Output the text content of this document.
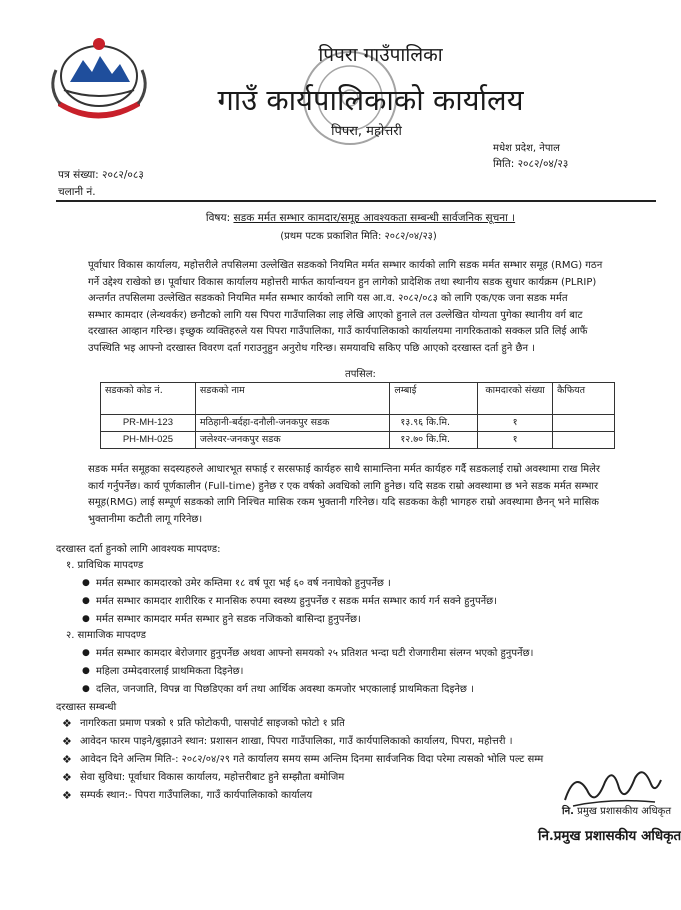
पिपरा गाउँपालिका
गाउँ कार्यपालिकाको कार्यालय
पिपरा, महोत्तरी
मधेश प्रदेश, नेपाल
पत्र संख्या: २०८२/०८३
चलानी नं.
मिति: २०८२/०४/२३
विषय: सडक मर्मत सम्भार कामदार/समूह आवश्यकता सम्बन्धी सार्वजनिक सूचना ।
(प्रथम पटक प्रकाशित मिति: २०८२/०४/२३)

पूर्वाधार विकास कार्यालय, महोत्तरीले तपसिलमा उल्लेखित सडकको नियमित मर्मत सम्भार कार्यको लागि सडक मर्मत सम्भार समूह (RMG) गठन

गर्ने उद्देश्य राखेको छ। पूर्वाधार विकास कार्यालय महोत्तरी मार्फत कार्यान्वयन हुन लागेको प्रादेशिक तथा स्थानीय सडक सुधार कार्यक्रम (PLRIP)

अन्तर्गत तपसिलमा उल्लेखित सडकको नियमित मर्मत सम्भार कार्यको लागि यस आ.व. २०८२/०८३ को लागि एक/एक जना सडक मर्मत

सम्भार कामदार (लेन्थवर्कर) छनौटको लागि यस पिपरा गाउँपालिका लाइ लेखि आएको हुनाले तल उल्लेखित योग्यता पुगेका स्थानीय वर्ग बाट

दरखास्त आव्हान गरिन्छ। इच्छुक व्यक्तिहरुले यस पिपरा गाउँपालिका, गाउँ कार्यपालिकाको कार्यालयमा नागरिकताको सक्कल प्रति लिई आफैं

उपस्थिति भइ आफ्नो दरखास्त विवरण दर्ता गराउनुहुन अनुरोध गरिन्छ। समयावधि सकिए पछि आएको दरखास्त दर्ता हुने छैन ।

तपसिल:
सडकको कोड नं.	सडकको नाम	लम्बाई	कामदारको संख्या	कैफियत
PR-MH-123	मठिहानी-बर्दहा-दनौली-जनकपुर सडक	१३.९६ कि.मि.	१	
PH-MH-025	जलेश्वर-जनकपुर सडक	१२.७० कि.मि.	१	

सडक मर्मत समूहका सदस्यहरुले आधारभूत सफाई र सरसफाई कार्यहरु साथै सामान्तिना मर्मत कार्यहरु गर्दै सडकलाई राम्रो अवस्थामा राख मिलेर

कार्य गर्नुपर्नेछ। कार्य पूर्णकालीन (Full-time) हुनेछ र एक वर्षको अवधिको लागि हुनेछ। यदि सडक राम्रो अवस्थामा छ भने सडक मर्मत सम्भार

समूह(RMG) लाई सम्पूर्ण सडकको लागि निश्चित मासिक रकम भुक्तानी गरिनेछ। यदि सडकका केही भागहरु राम्रो अवस्थामा छैनन् भने मासिक

भुक्तानीमा कटौती लागू गरिनेछ।

दरखास्त दर्ता हुनको लागि आवश्यक मापदण्ड:
१. प्राविधिक मापदण्ड
● मर्मत सम्भार कामदारको उमेर कम्तिमा १८ वर्ष पूरा भई ६० वर्ष ननाघेको हुनुपर्नेछ ।
● मर्मत सम्भार कामदार शारीरिक र मानसिक रुपमा स्वस्थ्य हुनुपर्नेछ र सडक मर्मत सम्भार कार्य गर्न सक्ने हुनुपर्नेछ।
● मर्मत सम्भार कामदार मर्मत सम्भार हुने सडक नजिकको बासिन्दा हुनुपर्नेछ।
२. सामाजिक मापदण्ड
● मर्मत सम्भार कामदार बेरोजगार हुनुपर्नेछ अथवा आफ्नो समयको २५ प्रतिशत भन्दा घटी रोजगारीमा संलग्न भएको हुनुपर्नेछ।
● महिला उम्मेदवारलाई प्राथमिकता दिइनेछ।
● दलित, जनजाति, विपन्न वा पिछडिएका वर्ग तथा आर्थिक अवस्था कमजोर भएकालाई प्राथमिकता दिइनेछ ।
दरखास्त सम्बन्धी
❖ नागरिकता प्रमाण पत्रको १ प्रति फोटोकपी, पासपोर्ट साइजको फोटो १ प्रति
❖ आवेदन फारम पाइने/बुझाउने स्थान: प्रशासन शाखा, पिपरा गाउँपालिका, गाउँ कार्यपालिकाको कार्यालय, पिपरा, महोत्तरी ।
❖ आवेदन दिने अन्तिम मिति-: २०८२/०४/२९ गते कार्यालय समय सम्म अन्तिम दिनमा सार्वजनिक विदा परेमा त्यसको भोलि पल्ट सम्म
❖ सेवा सुविधा: पूर्वाधार विकास कार्यालय, महोत्तरीबाट हुने सम्झौता बमोजिम
❖ सम्पर्क स्थान:- पिपरा गाउँपालिका, गाउँ कार्यपालिकाको कार्यालय
नि. प्रमुख प्रशासकीय अधिकृत
नि.प्रमुख प्रशासकीय अधिकृत
